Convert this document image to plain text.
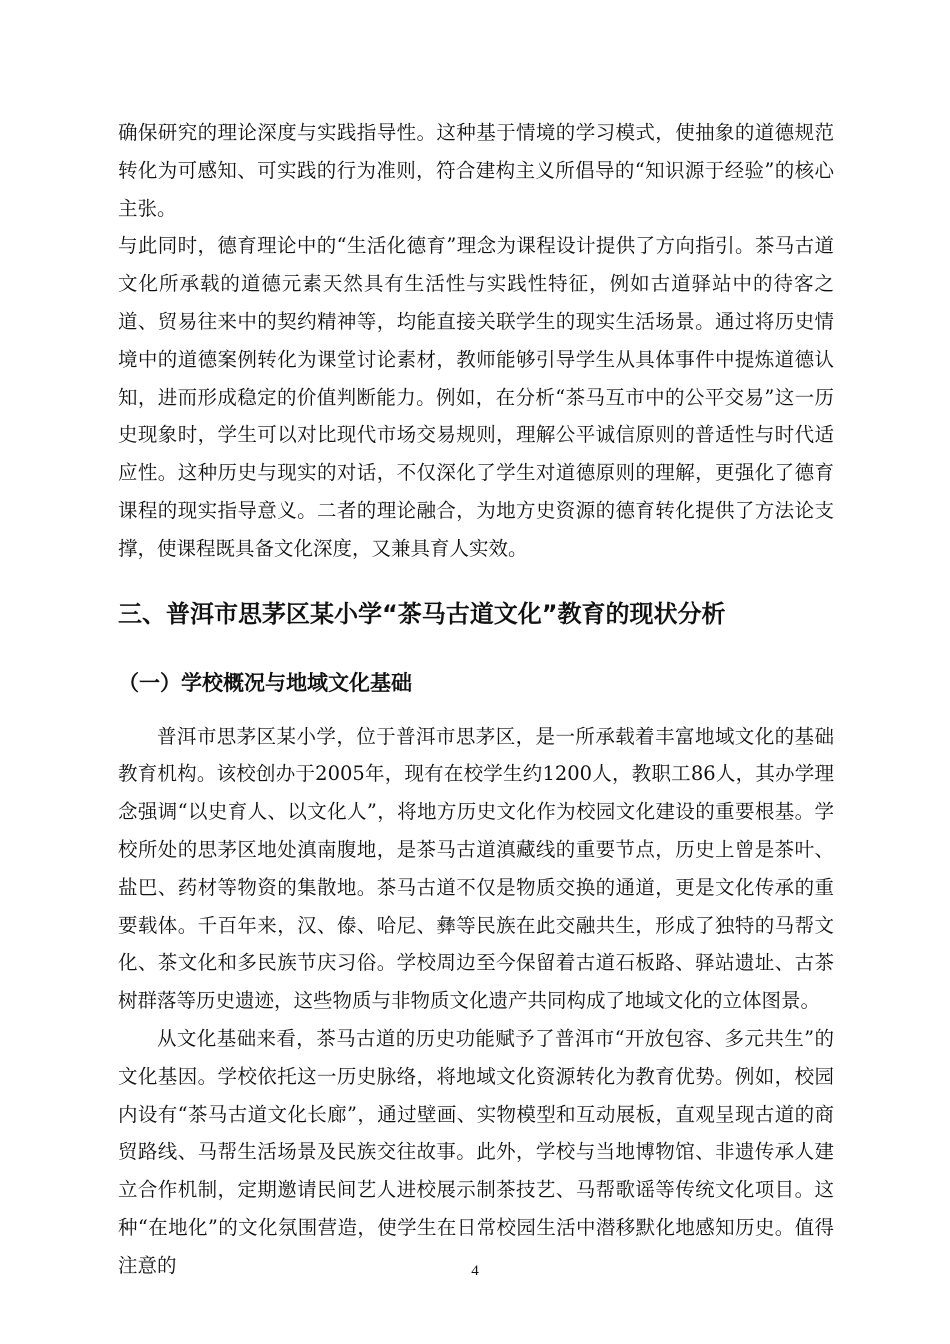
确保研究的理论深度与实践指导性。这种基于情境的学习模式，使抽象的道德规范转化为可感知、可实践的行为准则，符合建构主义所倡导的“知识源于经验”的核心主张。

与此同时，德育理论中的“生活化德育”理念为课程设计提供了方向指引。茶马古道文化所承载的道德元素天然具有生活性与实践性特征，例如古道驿站中的待客之道、贸易往来中的契约精神等，均能直接关联学生的现实生活场景。通过将历史情境中的道德案例转化为课堂讨论素材，教师能够引导学生从具体事件中提炼道德认知，进而形成稳定的价值判断能力。例如，在分析“茶马互市中的公平交易”这一历史现象时，学生可以对比现代市场交易规则，理解公平诚信原则的普适性与时代适应性。这种历史与现实的对话，不仅深化了学生对道德原则的理解，更强化了德育课程的现实指导意义。二者的理论融合，为地方史资源的德育转化提供了方法论支撑，使课程既具备文化深度，又兼具育人实效。

三、普洱市思茅区某小学“茶马古道文化”教育的现状分析
（一）学校概况与地域文化基础

普洱市思茅区某小学，位于普洱市思茅区，是一所承载着丰富地域文化的基础教育机构。该校创办于2005年，现有在校学生约1200人，教职工86人，其办学理念强调“以史育人、以文化人”，将地方历史文化作为校园文化建设的重要根基。学校所处的思茅区地处滇南腹地，是茶马古道滇藏线的重要节点，历史上曾是茶叶、盐巴、药材等物资的集散地。茶马古道不仅是物质交换的通道，更是文化传承的重要载体。千百年来，汉、傣、哈尼、彝等民族在此交融共生，形成了独特的马帮文化、茶文化和多民族节庆习俗。学校周边至今保留着古道石板路、驿站遗址、古茶树群落等历史遗迹，这些物质与非物质文化遗产共同构成了地域文化的立体图景。

从文化基础来看，茶马古道的历史功能赋予了普洱市“开放包容、多元共生”的文化基因。学校依托这一历史脉络，将地域文化资源转化为教育优势。例如，校园内设有“茶马古道文化长廊”，通过壁画、实物模型和互动展板，直观呈现古道的商贸路线、马帮生活场景及民族交往故事。此外，学校与当地博物馆、非遗传承人建立合作机制，定期邀请民间艺人进校展示制茶技艺、马帮歌谣等传统文化项目。这种“在地化”的文化氛围营造，使学生在日常校园生活中潜移默化地感知历史。值得注意的	4
